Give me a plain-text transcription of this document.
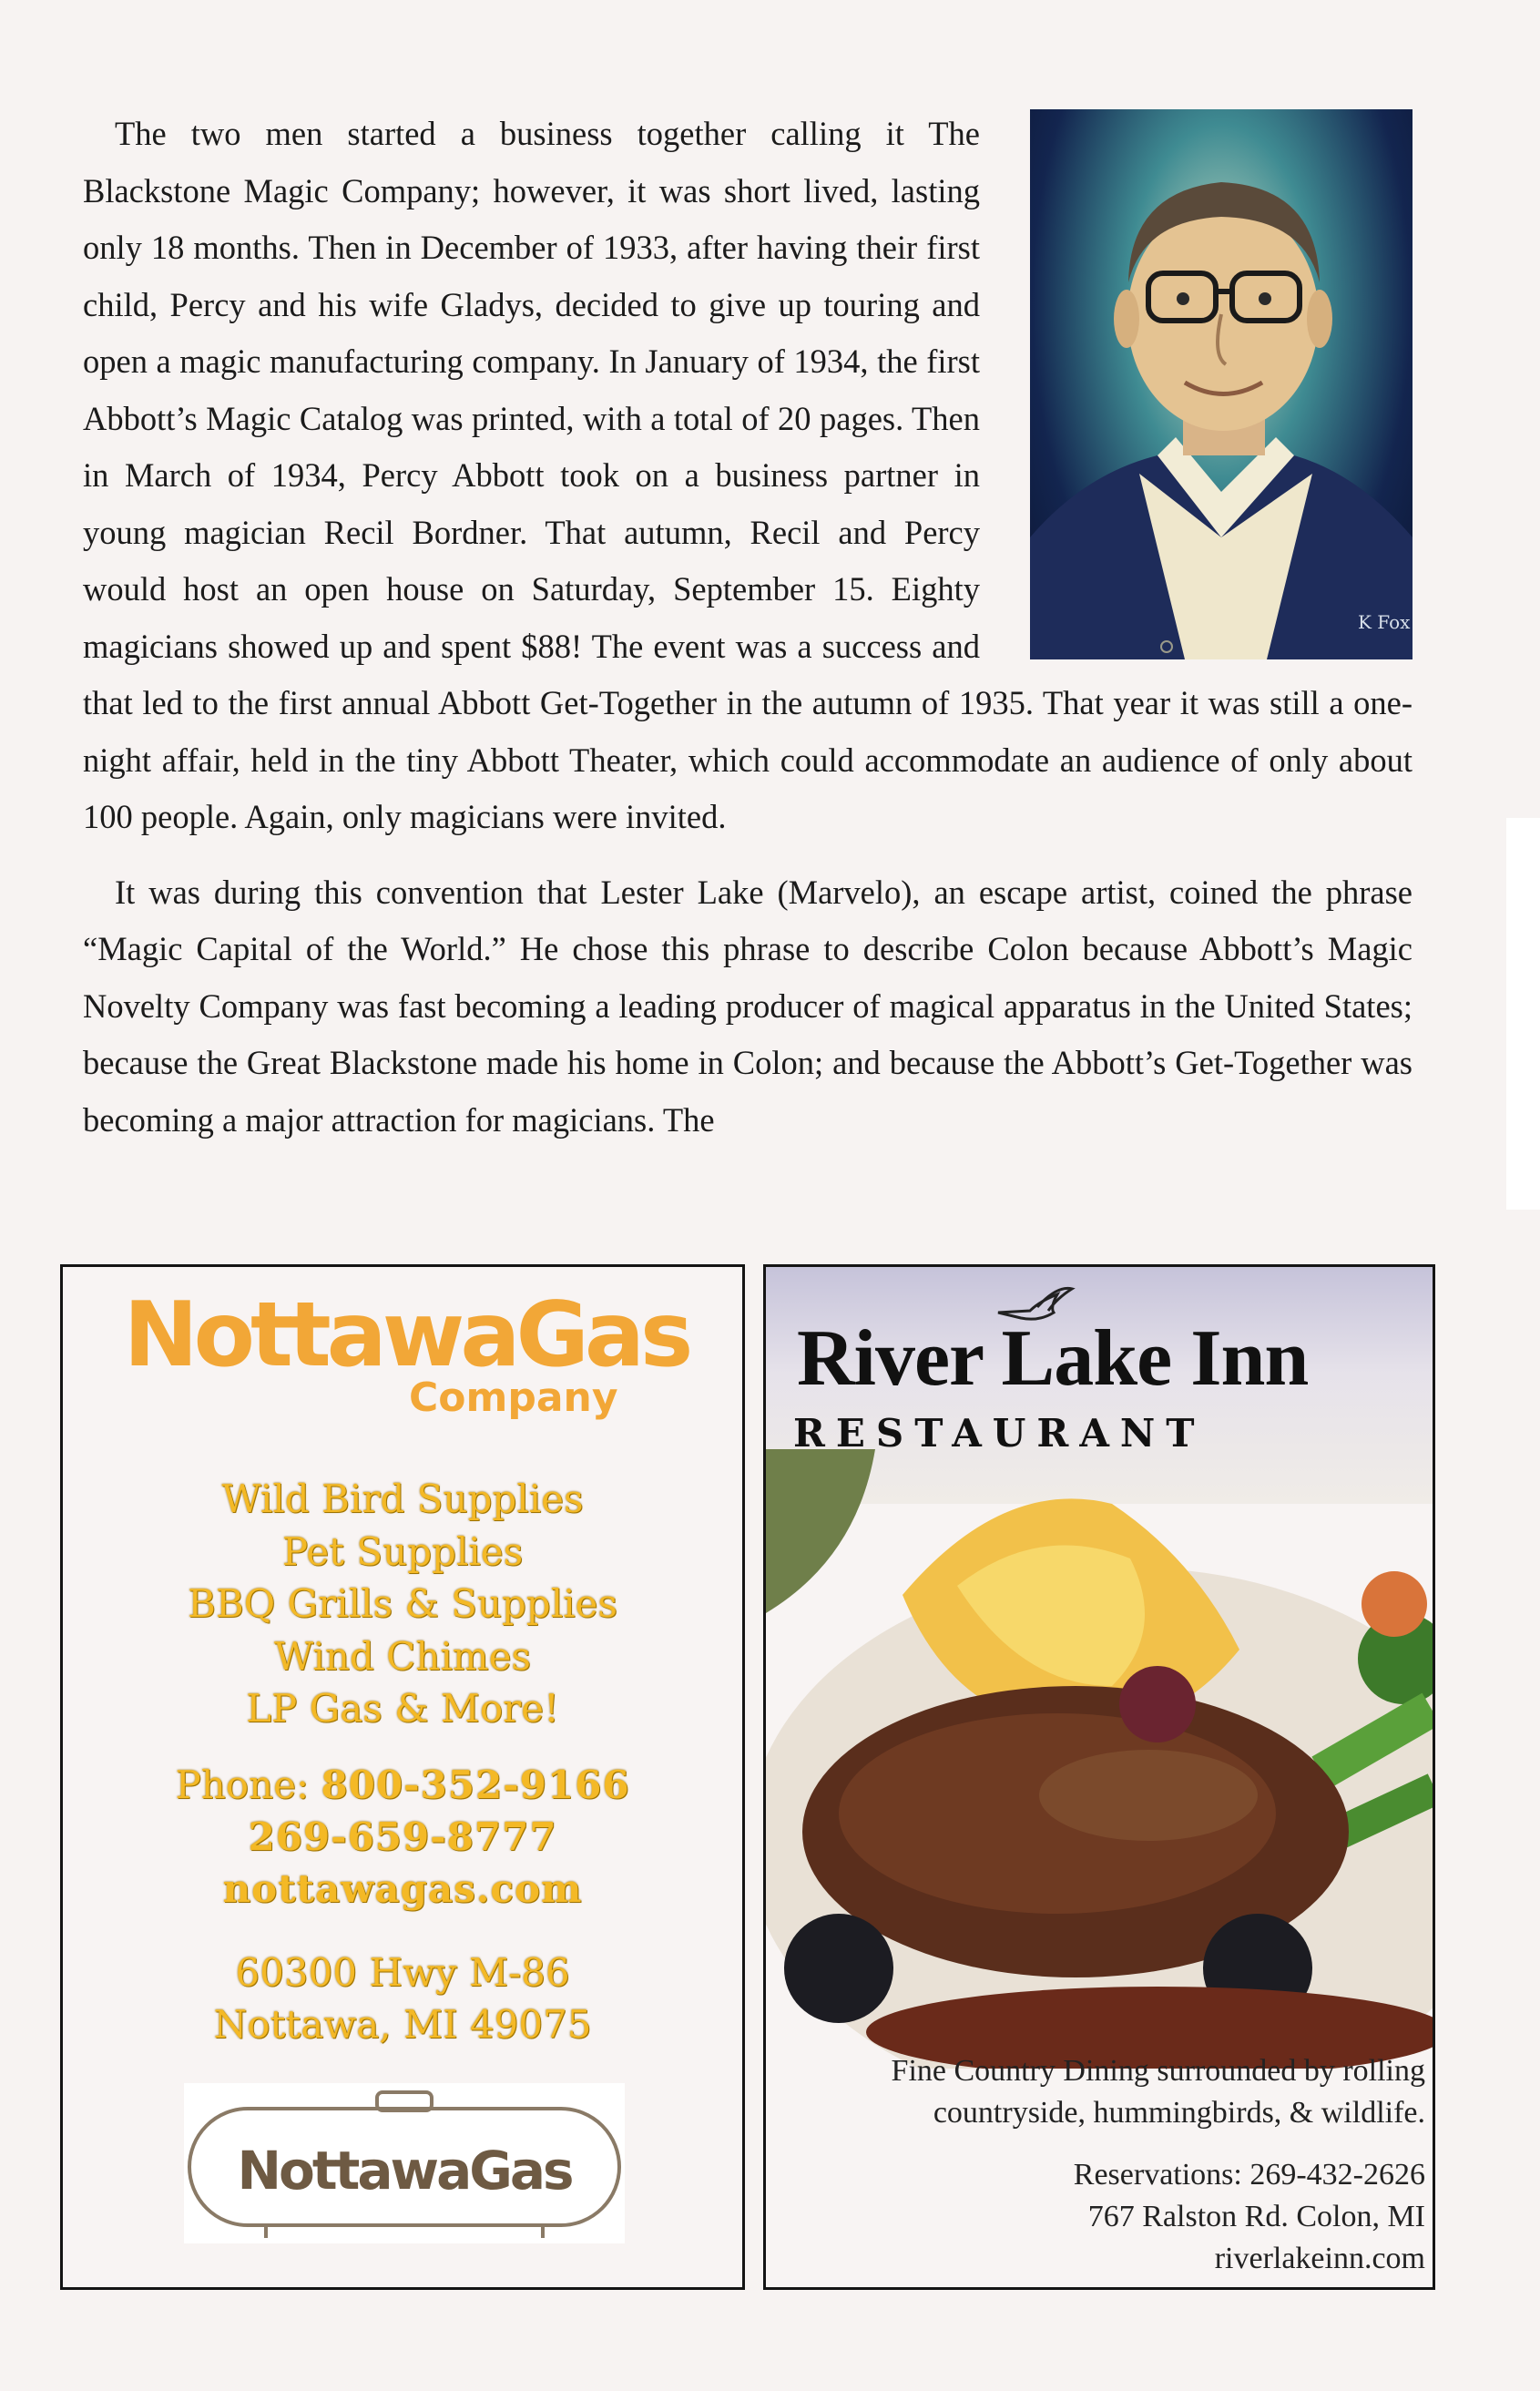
K Fox

The two men started a business together calling it The Blackstone Magic Company; however, it was short lived, lasting only 18 months. Then in December of 1933, after having their first child, Percy and his wife Gladys, decided to give up touring and open a magic manufacturing company. In January of 1934, the first Abbott’s Magic Catalog was printed, with a total of 20 pages. Then in March of 1934, Percy Abbott took on a business partner in young magician Recil Bordner. That autumn, Recil and Percy would host an open house on Saturday, September 15. Eighty magicians showed up and spent $88! The event was a success and that led to the first annual Abbott Get-Together in the autumn of 1935. That year it was still a one-night affair, held in the tiny Abbott Theater, which could accommodate an audience of only about 100 people. Again, only magicians were invited.

It was during this convention that Lester Lake (Marvelo), an escape artist, coined the phrase “Magic Capital of the World.” He chose this phrase to describe Colon because Abbott’s Magic Novelty Company was fast becoming a leading producer of magical apparatus in the United States; because the Great Blackstone made his home in Colon; and because the Abbott’s Get-Together was becoming a major attraction for magicians. The

NottawaGas
Company
Wild Bird Supplies
Pet Supplies
BBQ Grills & Supplies
Wind Chimes
LP Gas & More!
Phone: 800-352-9166
269-659-8777
nottawagas.com
60300 Hwy M-86
Nottawa, MI 49075
NottawaGas
River Lake Inn
RESTAURANT
Fine Country Dining surrounded by rolling
countryside, hummingbirds, & wildlife.
Reservations: 269-432-2626
767 Ralston Rd. Colon, MI
riverlakeinn.com
